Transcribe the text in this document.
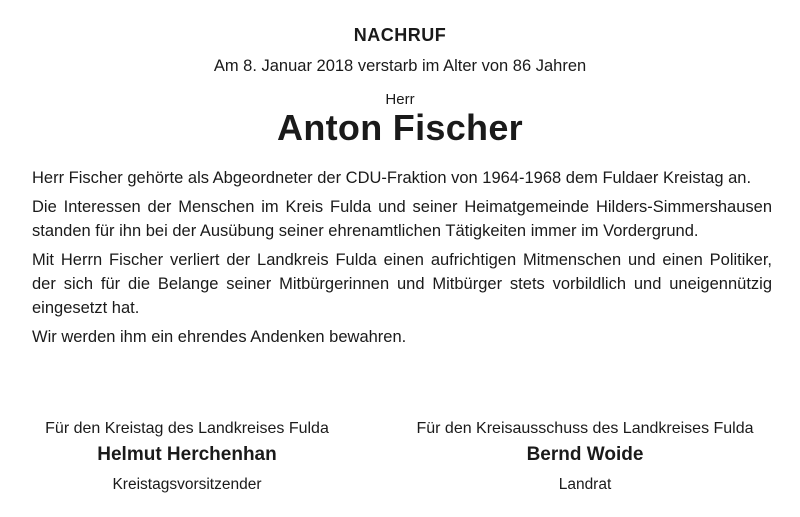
NACHRUF
Am 8. Januar 2018 verstarb im Alter von 86 Jahren
Herr
Anton Fischer

Herr Fischer gehörte als Abgeordneter der CDU-Fraktion von 1964-1968 dem Fuldaer Kreistag an.

Die Interessen der Menschen im Kreis Fulda und seiner Heimatgemeinde Hilders-Simmershausen standen für ihn bei der Ausübung seiner ehrenamtlichen Tätigkeiten immer im Vordergrund.

Mit Herrn Fischer verliert der Landkreis Fulda einen aufrichtigen Mitmenschen und einen Politiker, der sich für die Belange seiner Mitbürgerinnen und Mitbürger stets vorbildlich und uneigennützig eingesetzt hat.

Wir werden ihm ein ehrendes Andenken bewahren.

Für den Kreistag des Landkreises Fulda
Helmut Herchenhan
Kreistagsvorsitzender
Für den Kreisausschuss des Landkreises Fulda
Bernd Woide
Landrat
